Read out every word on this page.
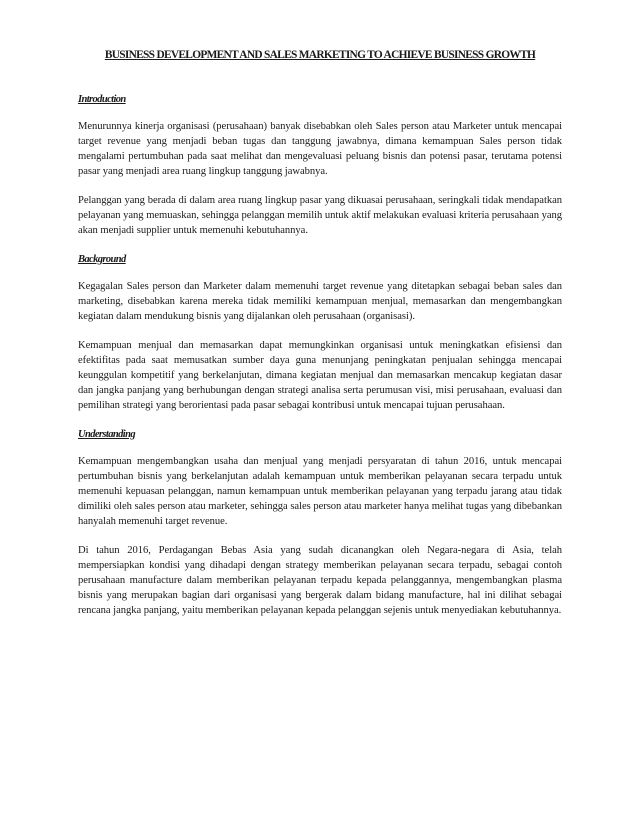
BUSINESS DEVELOPMENT AND SALES MARKETING TO ACHIEVE BUSINESS GROWTH
Introduction

Menurunnya kinerja organisasi (perusahaan) banyak disebabkan oleh Sales person atau Marketer untuk mencapai target revenue yang menjadi beban tugas dan tanggung jawabnya, dimana kemampuan Sales person tidak mengalami pertumbuhan pada saat melihat dan mengevaluasi peluang bisnis dan potensi pasar, terutama potensi pasar yang menjadi area ruang lingkup tanggung jawabnya.

Pelanggan yang berada di dalam area ruang lingkup pasar yang dikuasai perusahaan, seringkali tidak mendapatkan pelayanan yang memuaskan, sehingga pelanggan memilih untuk aktif melakukan evaluasi kriteria perusahaan yang akan menjadi supplier untuk memenuhi kebutuhannya.

Background

Kegagalan Sales person dan Marketer dalam memenuhi target revenue yang ditetapkan sebagai beban sales dan marketing, disebabkan karena mereka tidak memiliki kemampuan menjual, memasarkan dan mengembangkan kegiatan dalam mendukung bisnis yang dijalankan oleh perusahaan (organisasi).

Kemampuan menjual dan memasarkan dapat memungkinkan organisasi untuk meningkatkan efisiensi dan efektifitas pada saat memusatkan sumber daya guna menunjang peningkatan penjualan sehingga mencapai keunggulan kompetitif yang berkelanjutan, dimana kegiatan menjual dan memasarkan mencakup kegiatan dasar dan jangka panjang yang berhubungan dengan strategi analisa serta perumusan visi, misi perusahaan, evaluasi dan pemilihan strategi yang berorientasi pada pasar sebagai kontribusi untuk mencapai tujuan perusahaan.

Understanding

Kemampuan mengembangkan usaha dan menjual yang menjadi persyaratan di tahun 2016, untuk mencapai pertumbuhan bisnis yang berkelanjutan adalah kemampuan untuk memberikan pelayanan secara terpadu untuk memenuhi kepuasan pelanggan, namun kemampuan untuk memberikan pelayanan yang terpadu jarang atau tidak dimiliki oleh sales person atau marketer, sehingga sales person atau marketer hanya melihat tugas yang dibebankan hanyalah memenuhi target revenue.

Di tahun 2016, Perdagangan Bebas Asia yang sudah dicanangkan oleh Negara-negara di Asia, telah mempersiapkan kondisi yang dihadapi dengan strategy memberikan pelayanan secara terpadu, sebagai contoh perusahaan manufacture dalam memberikan pelayanan terpadu kepada pelanggannya, mengembangkan plasma bisnis yang merupakan bagian dari organisasi yang bergerak dalam bidang manufacture, hal ini dilihat sebagai rencana jangka panjang, yaitu memberikan pelayanan kepada pelanggan sejenis untuk menyediakan kebutuhannya.
